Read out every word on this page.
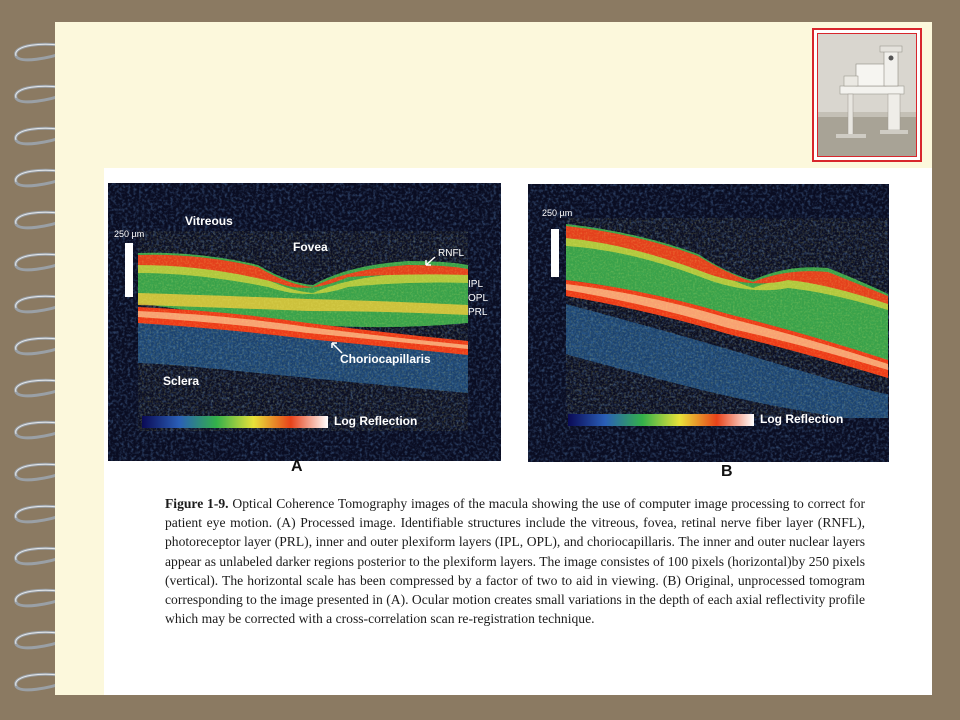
250 µm
Vitreous
Fovea	RNFL
IPL
OPL
PRL
Choriocapillaris
Sclera
Log Reflection
A
250 µm
Log Reflection
B
Figure 1-9. Optical Coherence Tomography images of the macula showing the use of computer image processing to correct for patient eye motion. (A) Processed image. Identifiable structures include the vitreous, fovea, retinal nerve fiber layer (RNFL), photoreceptor layer (PRL), inner and outer plexiform layers (IPL, OPL), and choriocapillaris. The inner and outer nuclear layers appear as unlabeled darker regions posterior to the plexiform layers. The image consistes of 100 pixels (horizontal)by 250 pixels (vertical). The horizontal scale has been compressed by a factor of two to aid in viewing. (B) Original, unprocessed tomogram corresponding to the image presented in (A). Ocular motion creates small variations in the depth of each axial reflectivity profile which may be corrected with a cross-correlation scan re-registration technique.
